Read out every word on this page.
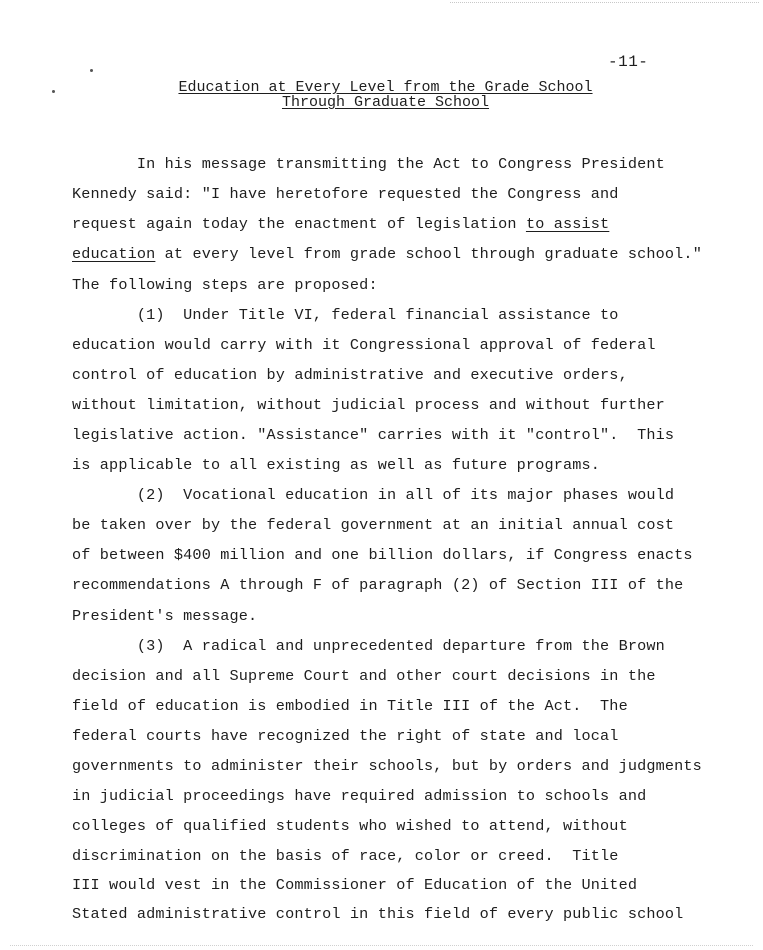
-11-
Education at Every Level from the Grade School
Through Graduate School
In his message transmitting the Act to Congress President
Kennedy said: "I have heretofore requested the Congress and
request again today the enactment of legislation to assist
education at every level from grade school through graduate school."
The following steps are proposed:
(1)  Under Title VI, federal financial assistance to
education would carry with it Congressional approval of federal
control of education by administrative and executive orders,
without limitation, without judicial process and without further
legislative action. "Assistance" carries with it "control".  This
is applicable to all existing as well as future programs.
(2)  Vocational education in all of its major phases would
be taken over by the federal government at an initial annual cost
of between $400 million and one billion dollars, if Congress enacts
recommendations A through F of paragraph (2) of Section III of the
President's message.
(3)  A radical and unprecedented departure from the Brown
decision and all Supreme Court and other court decisions in the
field of education is embodied in Title III of the Act.  The
federal courts have recognized the right of state and local
governments to administer their schools, but by orders and judgments
in judicial proceedings have required admission to schools and
colleges of qualified students who wished to attend, without
discrimination on the basis of race, color or creed.  Title
III would vest in the Commissioner of Education of the United
Stated administrative control in this field of every public school
